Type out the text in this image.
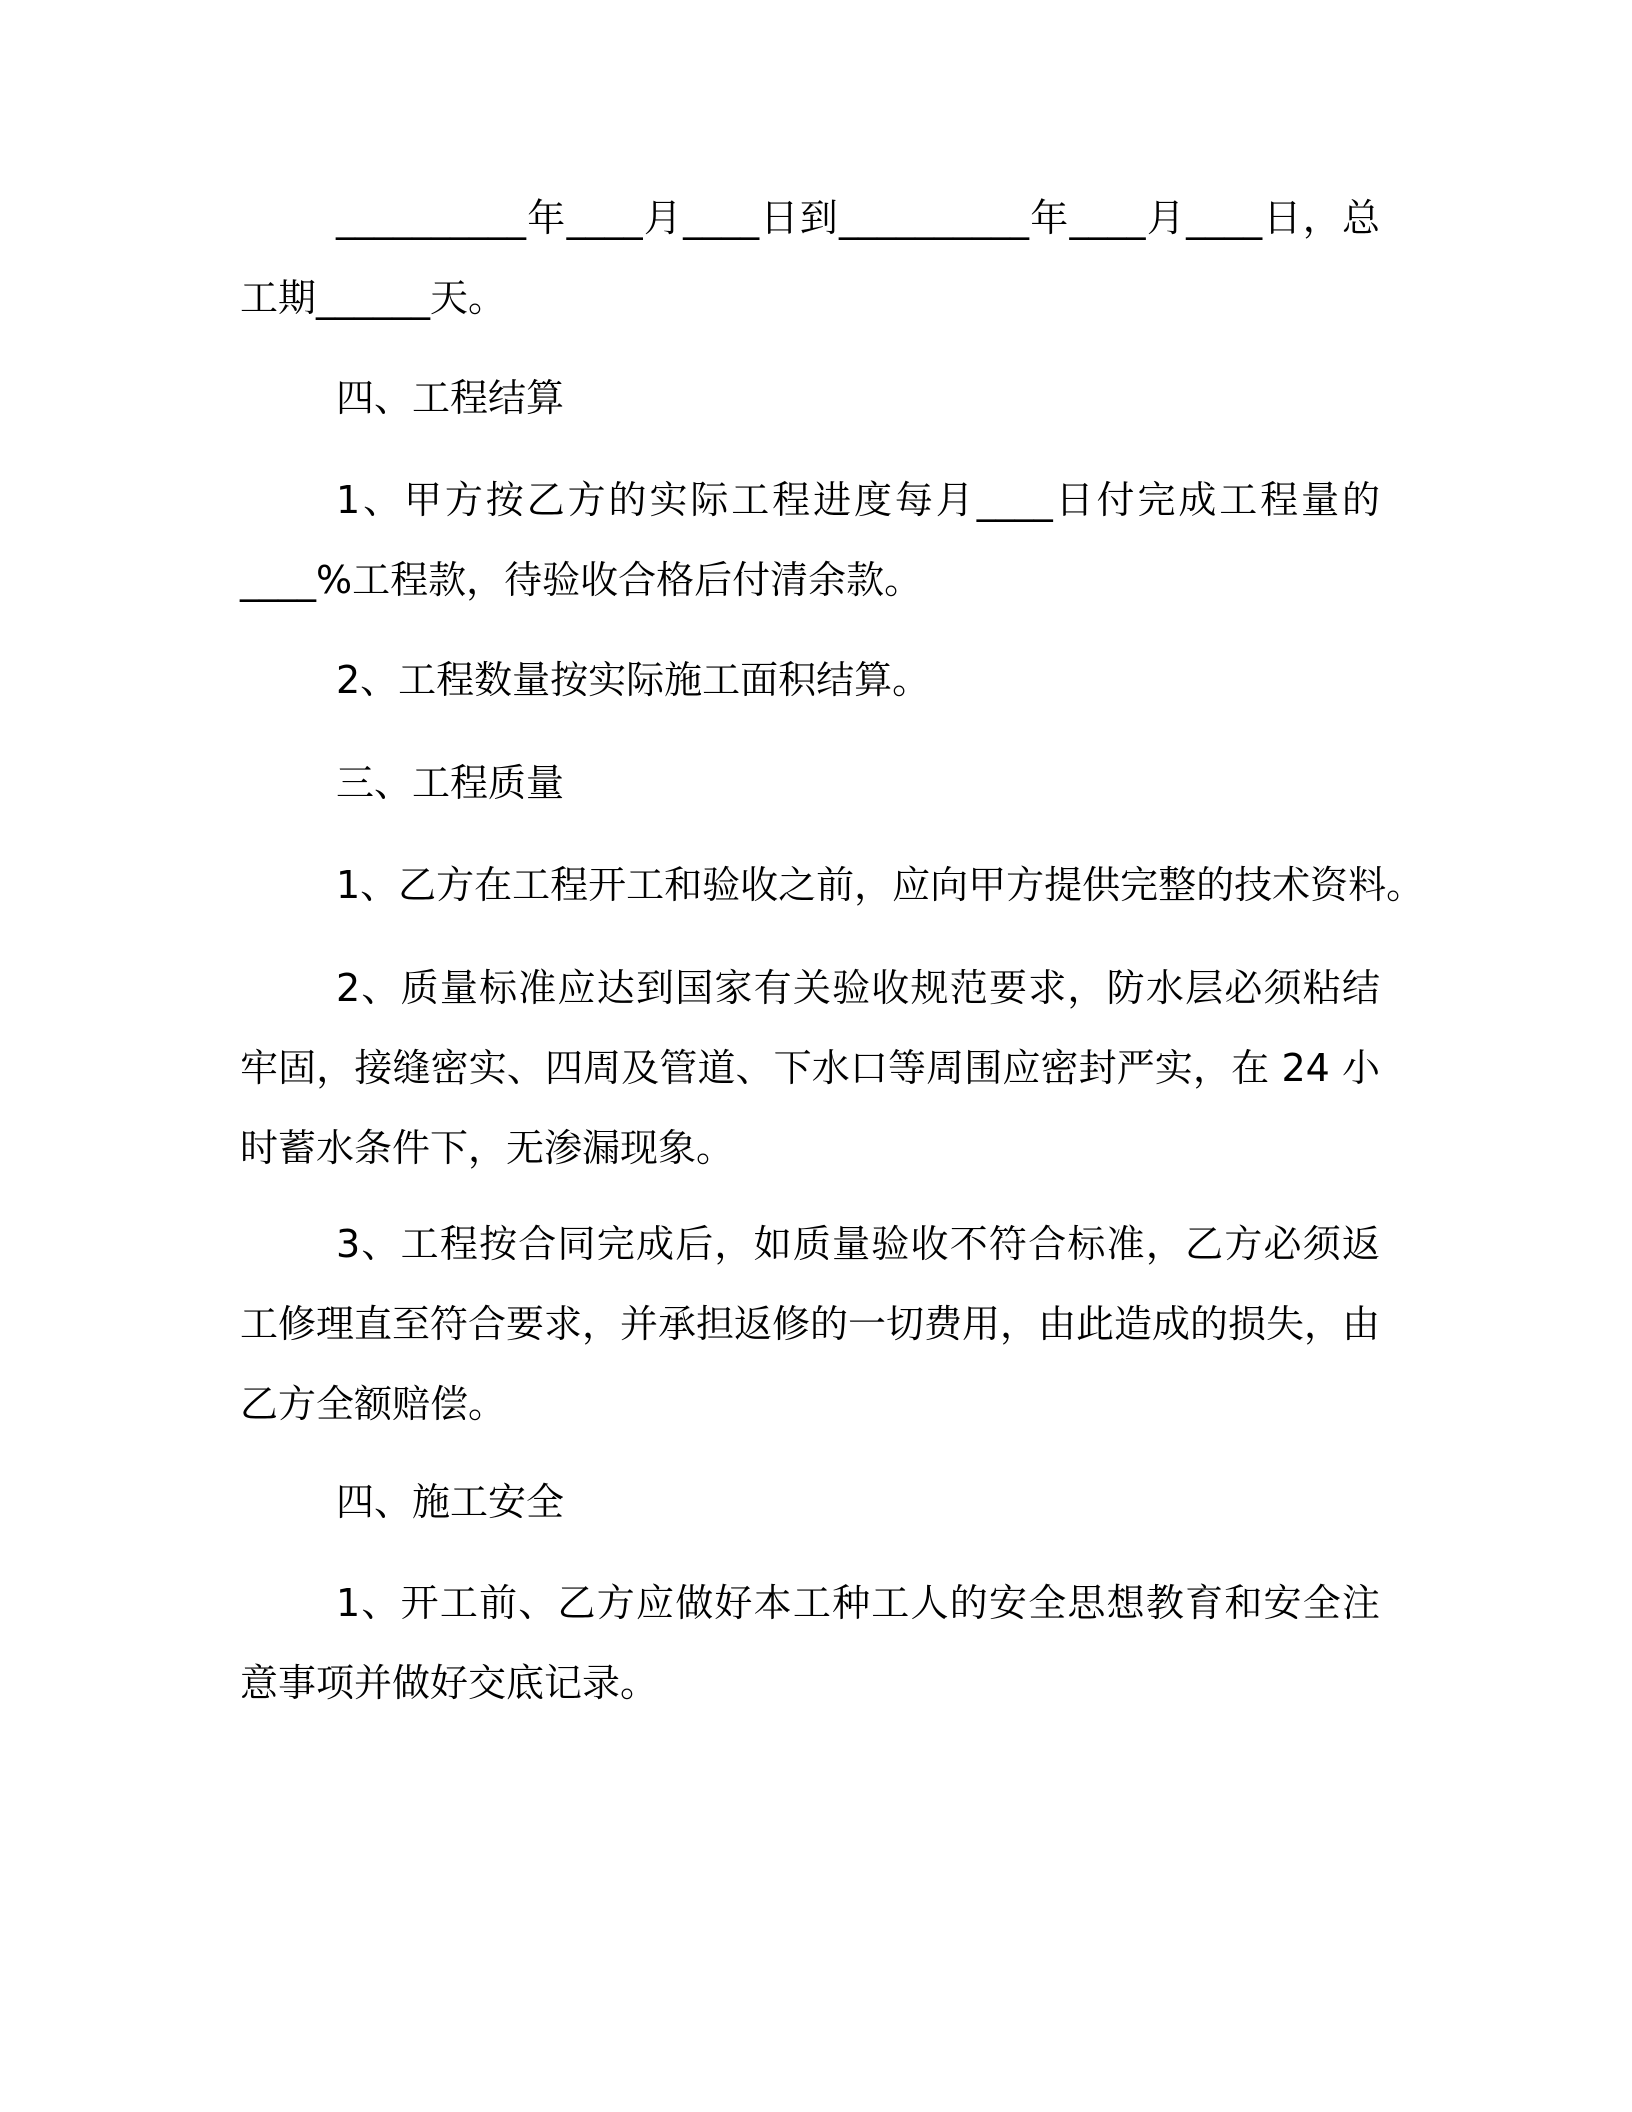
__________年____月____日到__________年____月____日，总工期______天。

四、工程结算

1、甲方按乙方的实际工程进度每月____日付完成工程量的____%工程款，待验收合格后付清余款。

2、工程数量按实际施工面积结算。

三、工程质量

1、乙方在工程开工和验收之前，应向甲方提供完整的技术资料。

2、质量标准应达到国家有关验收规范要求，防水层必须粘结牢固，接缝密实、四周及管道、下水口等周围应密封严实，在 24 小时蓄水条件下，无渗漏现象。

3、工程按合同完成后，如质量验收不符合标准，乙方必须返工修理直至符合要求，并承担返修的一切费用，由此造成的损失，由乙方全额赔偿。

四、施工安全

1、开工前、乙方应做好本工种工人的安全思想教育和安全注意事项并做好交底记录。
